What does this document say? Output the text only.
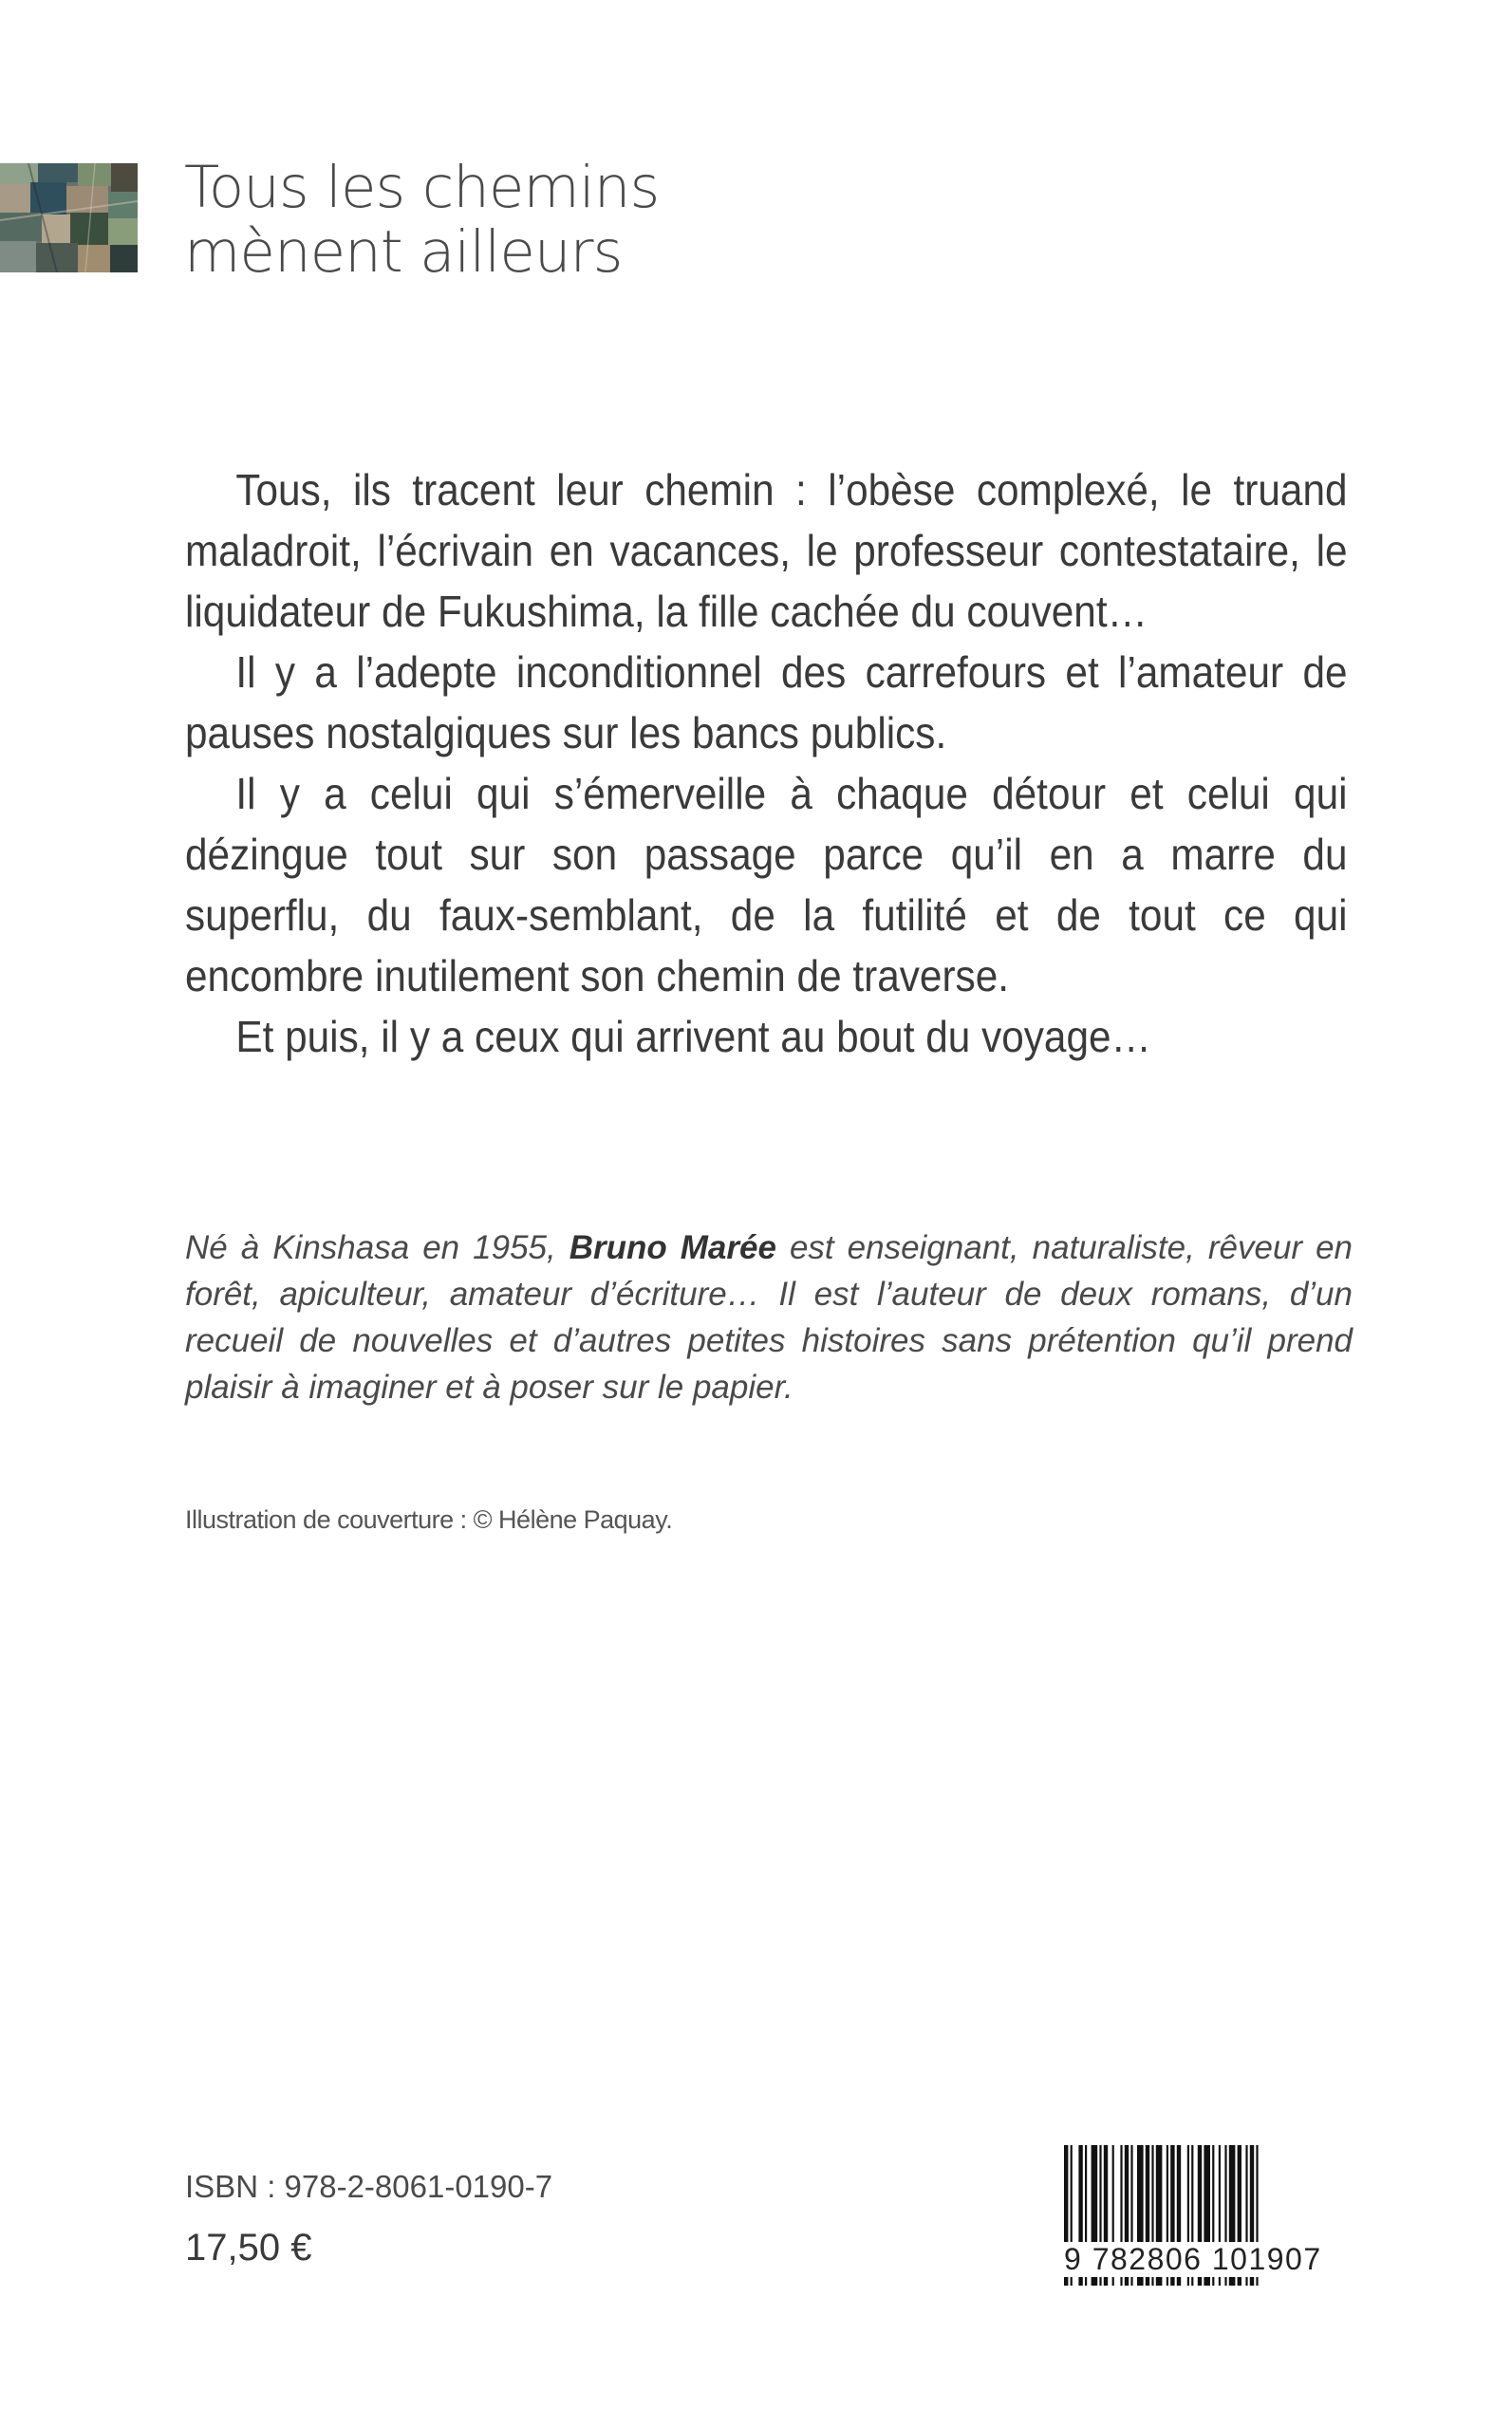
Tous les chemins
mènent ailleurs

Tous, ils tracent leur chemin : l’obèse complexé, le truand maladroit, l’écrivain en vacances, le professeur contestataire, le liquidateur de Fukushima, la fille cachée du couvent…

Il y a l’adepte inconditionnel des carrefours et l’amateur de pauses nostalgiques sur les bancs publics.

Il y a celui qui s’émerveille à chaque détour et celui qui dézingue tout sur son passage parce qu’il en a marre du superflu, du faux-semblant, de la futilité et de tout ce qui encombre inutilement son chemin de traverse.

Et puis, il y a ceux qui arrivent au bout du voyage…

Né à Kinshasa en 1955, Bruno Marée est enseignant, naturaliste, rêveur en forêt, apiculteur, amateur d’écriture… Il est l’auteur de deux romans, d’un recueil de nouvelles et d’autres petites histoires sans prétention qu’il prend plaisir à imaginer et à poser sur le papier.

Illustration de couverture : © Hélène Paquay.

ISBN : 978-2-8061-0190-7

17,50 €	9 782806 101907
